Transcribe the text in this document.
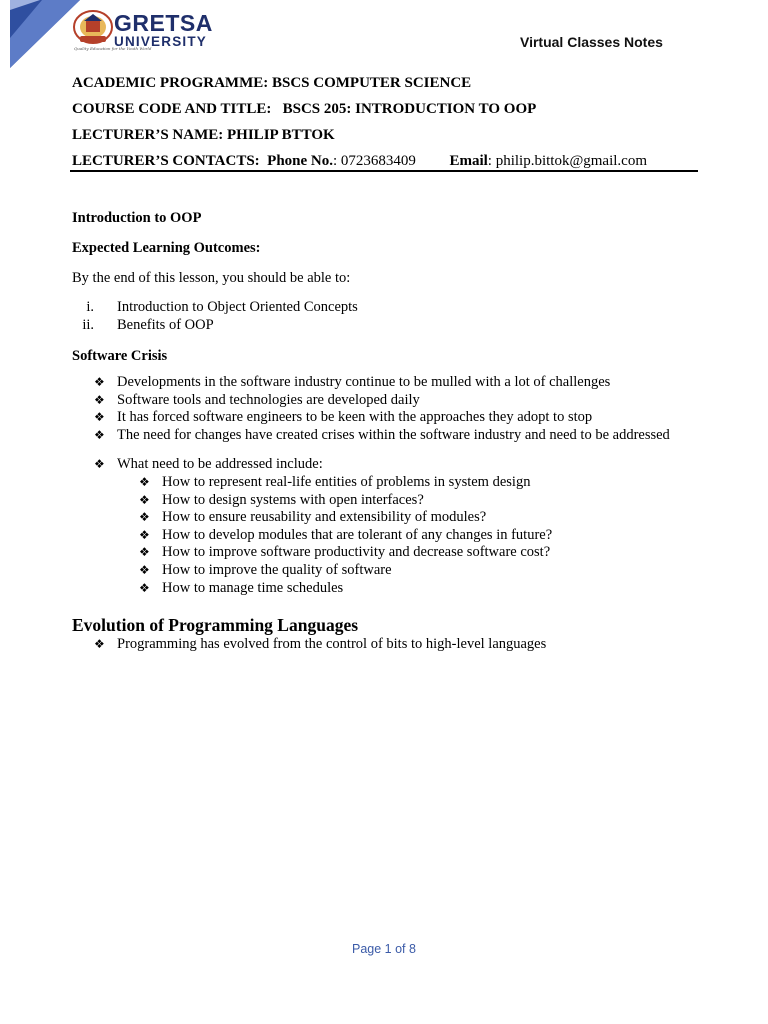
GRETSA
UNIVERSITY
Quality Education for the Youth World	Virtual Classes Notes
ACADEMIC PROGRAMME: BSCS COMPUTER SCIENCE
COURSE CODE AND TITLE: BSCS 205: INTRODUCTION TO OOP
LECTURER’S NAME: PHILIP BTTOK
LECTURER’S CONTACTS: Phone No.: 0723683409 Email: philip.bittok@gmail.com

Introduction to OOP

Expected Learning Outcomes:

By the end of this lesson, you should be able to:

i. Introduction to Object Oriented Concepts
ii. Benefits of OOP

Software Crisis

❖ Developments in the software industry continue to be mulled with a lot of challenges
❖ Software tools and technologies are developed daily
❖ It has forced software engineers to be keen with the approaches they adopt to stop
❖ The need for changes have created crises within the software industry and need to be addressed
❖ What need to be addressed include:
❖ How to represent real-life entities of problems in system design
❖ How to design systems with open interfaces?
❖ How to ensure reusability and extensibility of modules?
❖ How to develop modules that are tolerant of any changes in future?
❖ How to improve software productivity and decrease software cost?
❖ How to improve the quality of software
❖ How to manage time schedules

Evolution of Programming Languages

❖ Programming has evolved from the control of bits to high-level languages
Page 1 of 8
